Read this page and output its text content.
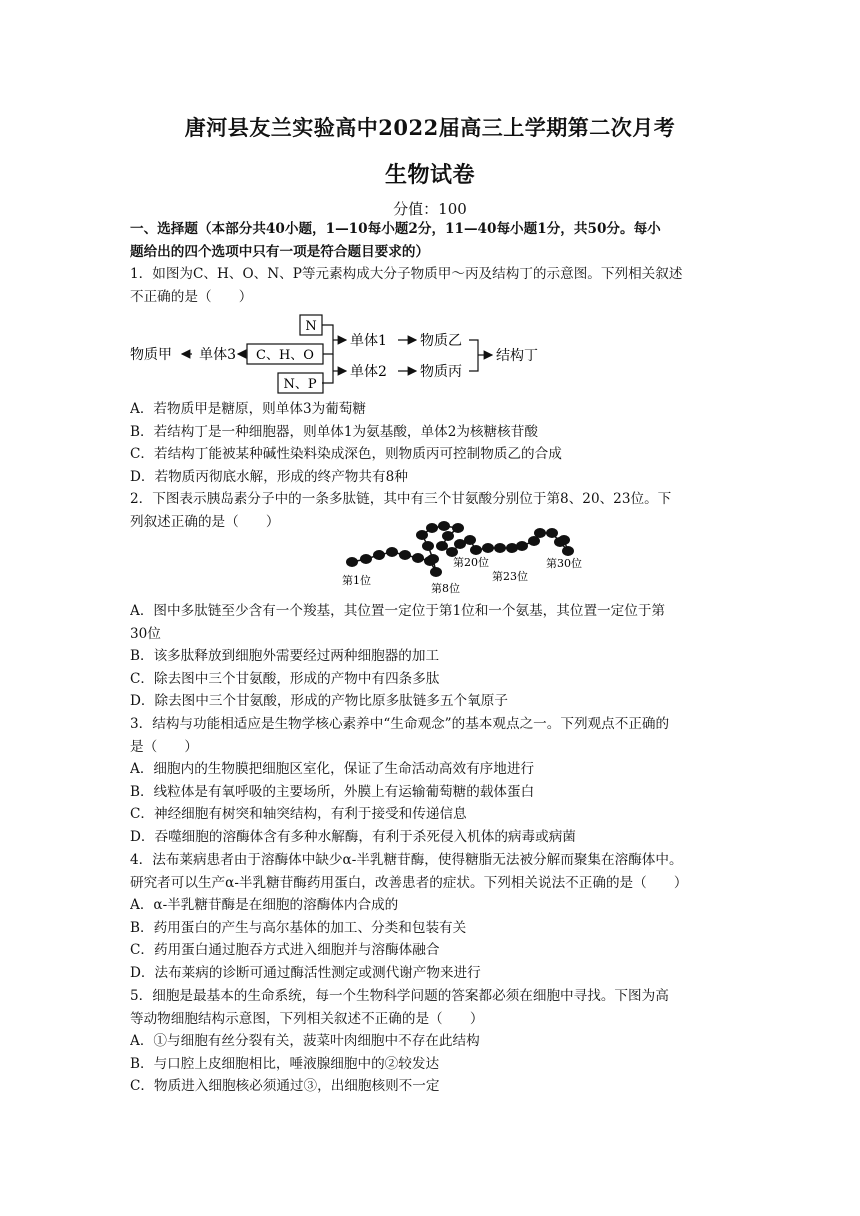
唐河县友兰实验高中2022届高三上学期第二次月考
生物试卷
分值：100
一、选择题（本部分共40小题，1—10每小题2分，11—40每小题1分，共50分。每小
题给出的四个选项中只有一项是符合题目要求的）
1．如图为C、H、O、N、P等元素构成大分子物质甲～丙及结构丁的示意图。下列相关叙述
不正确的是（　　）
N
C、H、O
N、P
单体3
物质甲
单体1
单体2
物质乙
物质丙
结构丁
A．若物质甲是糖原，则单体3为葡萄糖
B．若结构丁是一种细胞器，则单体1为氨基酸，单体2为核糖核苷酸
C．若结构丁能被某种碱性染料染成深色，则物质丙可控制物质乙的合成
D．若物质丙彻底水解，形成的终产物共有8种
2．下图表示胰岛素分子中的一条多肽链，其中有三个甘氨酸分别位于第8、20、23位。下
列叙述正确的是（　　）
第1位
第8位
第20位
第23位
第30位
A．图中多肽链至少含有一个羧基，其位置一定位于第1位和一个氨基，其位置一定位于第
30位
B．该多肽释放到细胞外需要经过两种细胞器的加工
C．除去图中三个甘氨酸，形成的产物中有四条多肽
D．除去图中三个甘氨酸，形成的产物比原多肽链多五个氧原子
3．结构与功能相适应是生物学核心素养中“生命观念”的基本观点之一。下列观点不正确的
是（　　）
A．细胞内的生物膜把细胞区室化，保证了生命活动高效有序地进行
B．线粒体是有氧呼吸的主要场所，外膜上有运输葡萄糖的载体蛋白
C．神经细胞有树突和轴突结构，有利于接受和传递信息
D．吞噬细胞的溶酶体含有多种水解酶，有利于杀死侵入机体的病毒或病菌
4．法布莱病患者由于溶酶体中缺少α-半乳糖苷酶，使得糖脂无法被分解而聚集在溶酶体中。
研究者可以生产α-半乳糖苷酶药用蛋白，改善患者的症状。下列相关说法不正确的是（　　）
A．α-半乳糖苷酶是在细胞的溶酶体内合成的
B．药用蛋白的产生与高尔基体的加工、分类和包装有关
C．药用蛋白通过胞吞方式进入细胞并与溶酶体融合
D．法布莱病的诊断可通过酶活性测定或测代谢产物来进行
5．细胞是最基本的生命系统，每一个生物科学问题的答案都必须在细胞中寻找。下图为高
等动物细胞结构示意图，下列相关叙述不正确的是（　　）
A．①与细胞有丝分裂有关，菠菜叶肉细胞中不存在此结构
B．与口腔上皮细胞相比，唾液腺细胞中的②较发达
C．物质进入细胞核必须通过③，出细胞核则不一定
